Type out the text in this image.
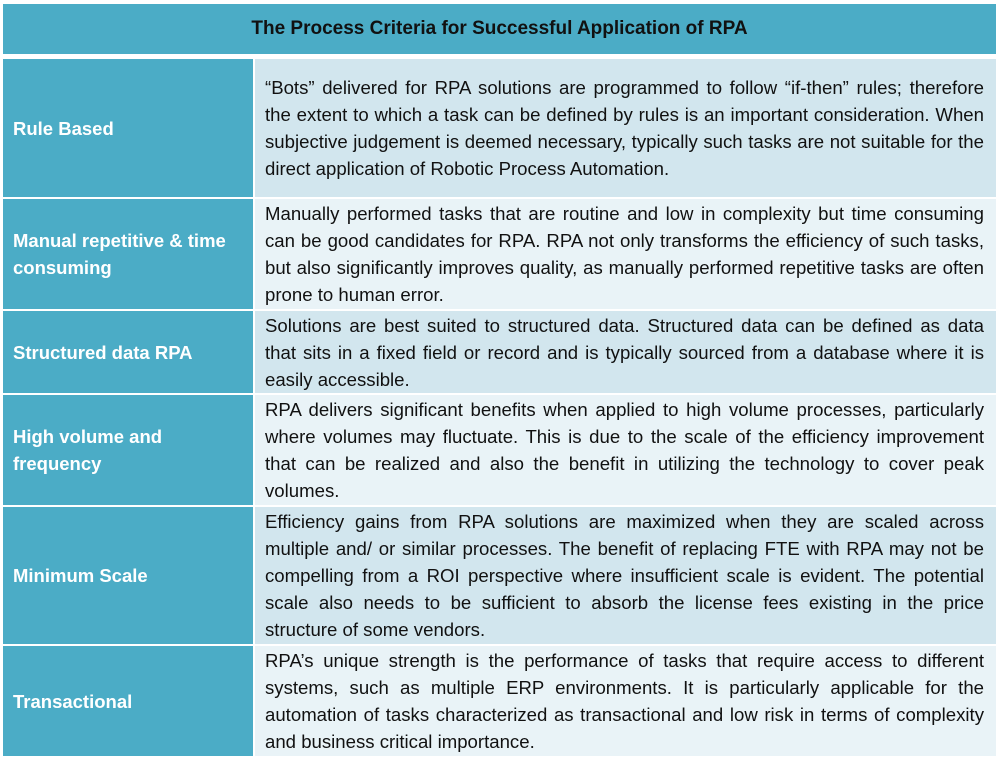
The Process Criteria for Successful Application of RPA
Rule Based
“Bots” delivered for RPA solutions are programmed to follow “if-then” rules; therefore the extent to which a task can be defined by rules is an important consideration. When subjective judgement is deemed necessary, typically such tasks are not suitable for the direct application of Robotic Process Automation.
Manual repetitive & time consuming
Manually performed tasks that are routine and low in complexity but time consuming can be good candidates for RPA. RPA not only transforms the efficiency of such tasks, but also significantly improves quality, as manually performed repetitive tasks are often prone to human error.
Structured data RPA
Solutions are best suited to structured data. Structured data can be defined as data that sits in a fixed field or record and is typically sourced from a database where it is easily accessible.
High volume and frequency
RPA delivers significant benefits when applied to high volume processes, particularly where volumes may fluctuate. This is due to the scale of the efficiency improvement that can be realized and also the benefit in utilizing the technology to cover peak volumes.
Minimum Scale
Efficiency gains from RPA solutions are maximized when they are scaled across multiple and/ or similar processes. The benefit of replacing FTE with RPA may not be compelling from a ROI perspective where insufficient scale is evident. The potential scale also needs to be sufficient to absorb the license fees existing in the price structure of some vendors.
Transactional
RPA’s unique strength is the performance of tasks that require access to different systems, such as multiple ERP environments. It is particularly applicable for the automation of tasks characterized as transactional and low risk in terms of complexity and business critical importance.
